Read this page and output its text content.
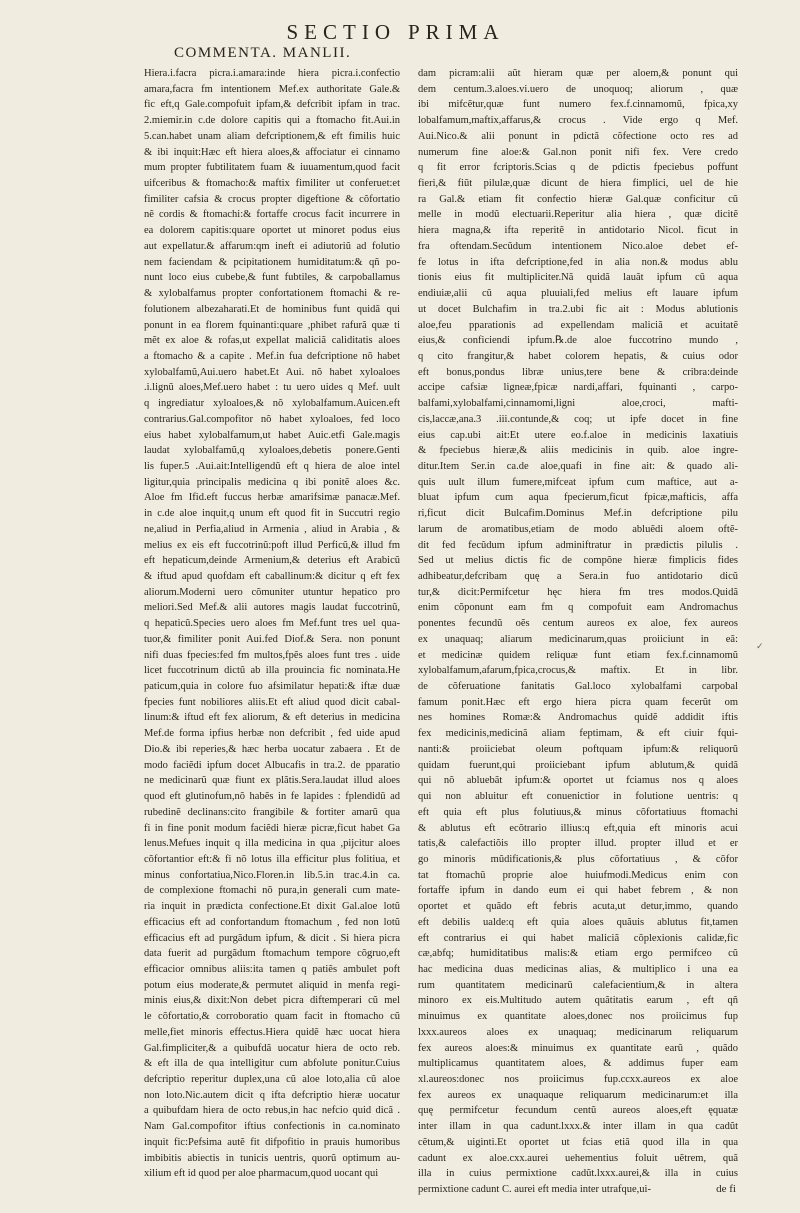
SECTIO PRIMA
COMMENTA. MANLII.
Hiera.i.facra picra.i.amara:inde hiera picra.i.confectio
amara,facra fm intentionem Mef.ex authoritate Gale.&
fic eft,q Gale.compofuit ipfam,& defcribit ipfam in trac.
2.miemir.in c.de dolore capitis qui a ftomacho fit.Aui.in
5.can.habet unam aliam defcriptionem,& eft fimilis huic
& ibi inquit:Hæc eft hiera aloes,& affociatur ei cinnamo
mum propter fubtilitatem fuam & iuuamentum,quod facit
uifceribus & ftomacho:& maftix fimiliter ut conferuet:et
fimiliter cafsia & crocus propter digeftione & cõfortatio
nẽ cordis & ftomachi:& fortaffe crocus facit incurrere in
ea dolorem capitis:quare oportet ut minoret podus eius
aut expellatur.& affarum:qm ineft ei adiutoriũ ad folutio
nem faciendam & pcipitationem humiditatum:& qñ po-
nunt loco eius cubebe,& funt fubtiles, & carpoballamus
& xylobalfamus propter confortationem ftomachi & re-
folutionem albezaharati.Et de hominibus funt quidã qui
ponunt in ea florem fquinanti:quare ,phibet rafurã quæ ti
mẽt ex aloe & rofas,ut expellat maliciã caliditatis aloes
a ftomacho & a capite . Mef.in fua defcriptione nõ habet
xylobalfamũ,Aui.uero habet.Et Aui. nõ habet xyloaloes
.i.lignũ aloes,Mef.uero habet : tu uero uides q Mef. uult
q ingrediatur xyloaloes,& nõ xylobalfamum.Auicen.eft
contrarius.Gal.compofitor nõ habet xyloaloes, fed loco
eius habet xylobalfamum,ut habet Auic.etfi Gale.magis
laudat xylobalfamũ,q xyloaloes,debetis ponere.Genti
lis fuper.5 .Aui.ait:Intelligendũ eft q hiera de aloe intel
ligitur,quia principalis medicina q ibi ponitẽ aloes &c.
Aloe fm Ifid.eft fuccus herbæ amarifsimæ panacæ.Mef.
in c.de aloe inquit,q unum eft quod fit in Succutri regio
ne,aliud in Perfia,aliud in Armenia , aliud in Arabia , &
melius ex eis eft fuccotrinũ:poft illud Perficũ,& illud fm
eft hepaticum,deinde Armenium,& deterius eft Arabicũ
& iftud apud quofdam eft caballinum:& dicitur q eft fex
aliorum.Moderni uero cõmuniter utuntur hepatico pro
meliori.Sed Mef.& alii autores magis laudat fuccotrinũ,
q hepaticũ.Species uero aloes fm Mef.funt tres uel qua-
tuor,& fimiliter ponit Aui.fed Diof.& Sera. non ponunt
nifi duas fpecies:fed fm multos,fpẽs aloes funt tres . uide
licet fuccotrinum dictũ ab illa prouincia fic nominata.He
paticum,quia in colore fuo afsimilatur hepati:& iftæ duæ
fpecies funt nobiliores aliis.Et eft aliud quod dicit cabal-
linum:& iftud eft fex aliorum, & eft deterius in medicina
Mef.de forma ipfius herbæ non defcribit , fed uide apud
Dio.& ibi reperies,& hæc herba uocatur zabaera . Et de
modo faciẽdi ipfum docet Albucafis in tra.2. de pparatio
ne medicinarũ quæ fiunt ex plãtis.Sera.laudat illud aloes
quod eft glutinofum,nõ habẽs in fe lapides : fplendidũ ad
rubedinẽ declinans:cito frangibile & fortiter amarũ qua
fi in fine ponit modum faciẽdi hieræ picræ,ficut habet Ga
lenus.Mefues inquit q illa medicina in qua ,pijcitur aloes
cõfortantior eft:& fi nõ lotus illa efficitur plus folitiua, et
minus confortatiua,Nico.Floren.in lib.5.in trac.4.in ca.
de complexione ftomachi nõ pura,in generali cum mate-
ria inquit in prædicta confectione.Et dixit Gal.aloe lotũ
efficacius eft ad confortandum ftomachum , fed non lotũ
efficacius eft ad purgãdum ipfum, & dicit . Si hiera picra
data fuerit ad purgãdum ftomachum tempore cõgruo,eft
efficacior omnibus aliis:ita tamen q patiẽs ambulet poft
potum eius moderate,& permutet aliquid in menfa regi-
minis eius,& dixit:Non debet picra diftemperari cũ mel
le cõfortatio,& corroboratio quam facit in ftomacho cũ
melle,fiet minoris effectus.Hiera quidẽ hæc uocat hiera
Gal.fimpliciter,& a quibufdã uocatur hiera de octo reb.
& eft illa de qua intelligitur cum abfolute ponitur.Cuius
defcriptio reperitur duplex,una cũ aloe loto,alia cũ aloe
non loto.Nic.autem dicit q ifta defcriptio hieræ uocatur
a quibufdam hiera de octo rebus,in hac nefcio quid dicã .
Nam Gal.compofitor iftius confectionis in ca.nominato
inquit fic:Pefsima autẽ fit difpofitio in prauis humoribus
imbibitis abiectis in tunicis uentris, quorũ optimum au-
xilium eft id quod per aloe pharmacum,quod uocant qui
dam picram:alii aũt hieram quæ per aloem,& ponunt qui
dem centum.3.aloes.vi.uero de unoquoq; aliorum , quæ
ibi mifcẽtur,quæ funt numero fex.f.cinnamomũ, fpica,xy
lobalfamum,maftix,affarus,& crocus . Vide ergo q Mef.
Aui.Nico.& alii ponunt in pdictã cõfectione octo res ad
numerum fine aloe:& Gal.non ponit nifi fex. Vere credo
q fit error fcriptoris.Scias q de pdictis fpeciebus poffunt
fieri,& fiũt pilulæ,quæ dicunt de hiera fimplici, uel de hie
ra Gal.& etiam fit confectio hieræ Gal.quæ conficitur cũ
melle in modũ electuarii.Reperitur alia hiera , quæ dicitẽ
hiera magna,& ifta reperitẽ in antidotario Nicol. ficut in
fra oftendam.Secũdum intentionem Nico.aloe debet ef-
fe lotus in ifta defcriptione,fed in alia non.& modus ablu
tionis eius fit multipliciter.Nã quidã lauãt ipfum cũ aqua
endiuiæ,alii cũ aqua pluuiali,fed melius eft lauare ipfum
ut docet Bulchafim in tra.2.ubi fic ait : Modus ablutionis
aloe,feu pparationis ad expellendam maliciã et acuitatẽ
eius,& conficiendi ipfum.℞.de aloe fuccotrino mundo ,
q cito frangitur,& habet colorem hepatis, & cuius odor
eft bonus,pondus libræ unius,tere bene & cribra:deinde
accipe cafsiæ ligneæ,fpicæ nardi,affari, fquinanti , carpo-
balfami,xylobalfami,cinnamomi,ligni aloe,croci, mafti-
cis,laccæ,ana.3 .iii.contunde,& coq; ut ipfe docet in fine
eius cap.ubi ait:Et utere eo.f.aloe in medicinis laxatiuis
& fpeciebus hieræ,& aliis medicinis in quib. aloe ingre-
ditur.Item Ser.in ca.de aloe,quafi in fine ait: & quado ali-
quis uult illum fumere,mifceat ipfum cum maftice, aut a-
bluat ipfum cum aqua fpecierum,ficut fpicæ,mafticis, affa
ri,ficut dicit Bulcafim.Dominus Mef.in defcriptione pilu
larum de aromatibus,etiam de modo abluẽdi aloem oftẽ-
dit fed fecũdum ipfum adminiftratur in prædictis pilulis .
Sed ut melius dictis fic de compõne hieræ fimplicis fides
adhibeatur,defcribam quę a Sera.in fuo antidotario dicũ
tur,& dicit:Permifcetur hęc hiera fm tres modos.Quidã
enim cõponunt eam fm q compofuit eam Andromachus
ponentes fecundũ oẽs centum aureos ex aloe, fex aureos
ex unaquaq; aliarum medicinarum,quas proiiciunt in eã:
et medicinæ quidem reliquæ funt etiam fex.f.cinnamomũ
xylobalfamum,afarum,fpica,crocus,& maftix. Et in libr.
de cõferuatione fanitatis Gal.loco xylobalfami carpobal
famum ponit.Hæc eft ergo hiera picra quam fecerũt om
nes homines Romæ:& Andromachus quidẽ addidit iftis
fex medicinis,medicinã aliam feptimam, & eft ciuir fqui-
nanti:& proiiciebat oleum poftquam ipfum:& reliquorũ
quidam fuerunt,qui proiiciebant ipfum ablutum,& quidã
qui nõ abluebãt ipfum:& oportet ut fciamus nos q aloes
qui non abluitur eft conuenictior in folutione uentris: q
eft quia eft plus folutiuus,& minus cõfortatiuus ftomachi
& ablutus eft ecõtrario illius:q eft,quia eft minoris acui
tatis,& calefactiõis illo propter illud. propter illud et er
go minoris mũdificationis,& plus cõfortatiuus , & cõfor
tat ftomachũ proprie aloe huiufmodi.Medicus enim con
fortaffe ipfum in dando eum ei qui habet febrem , & non
oportet et quãdo eft febris acuta,ut detur,immo, quando
eft debilis ualde:q eft quia aloes quãuis ablutus fit,tamen
eft contrarius ei qui habet maliciã cõplexionis calidæ,fic
cæ,abfq; humiditatibus malis:& etiam ergo permifceo cũ
hac medicina duas medicinas alias, & multiplico i una ea
rum quantitatem medicinarũ calefacientium,& in altera
minoro ex eis.Multitudo autem quãtitatis earum , eft qñ
minuimus ex quantitate aloes,donec nos proiicimus fup
lxxx.aureos aloes ex unaquaq; medicinarum reliquarum
fex aureos aloes:& minuimus ex quantitate earũ , quãdo
multiplicamus quantitatem aloes, & addimus fuper eam
xl.aureos:donec nos proiicimus fup.ccxx.aureos ex aloe
fex aureos ex unaquaque reliquarum medicinarum:et illa
quę permifcetur fecundum centũ aureos aloes,eft ęquatæ
inter illam in qua cadunt.lxxx.& inter illam in qua cadũt
cẽtum,& uiginti.Et oportet ut fcias etiã quod illa in qua
cadunt ex aloe.cxx.aurei uehementius foluit uẽtrem, quã
illa in cuius permixtione cadũt.lxxx.aurei,& illa in cuius
permixtione cadunt C. aurei eft media inter utrafque,ui-
✓
de fi
